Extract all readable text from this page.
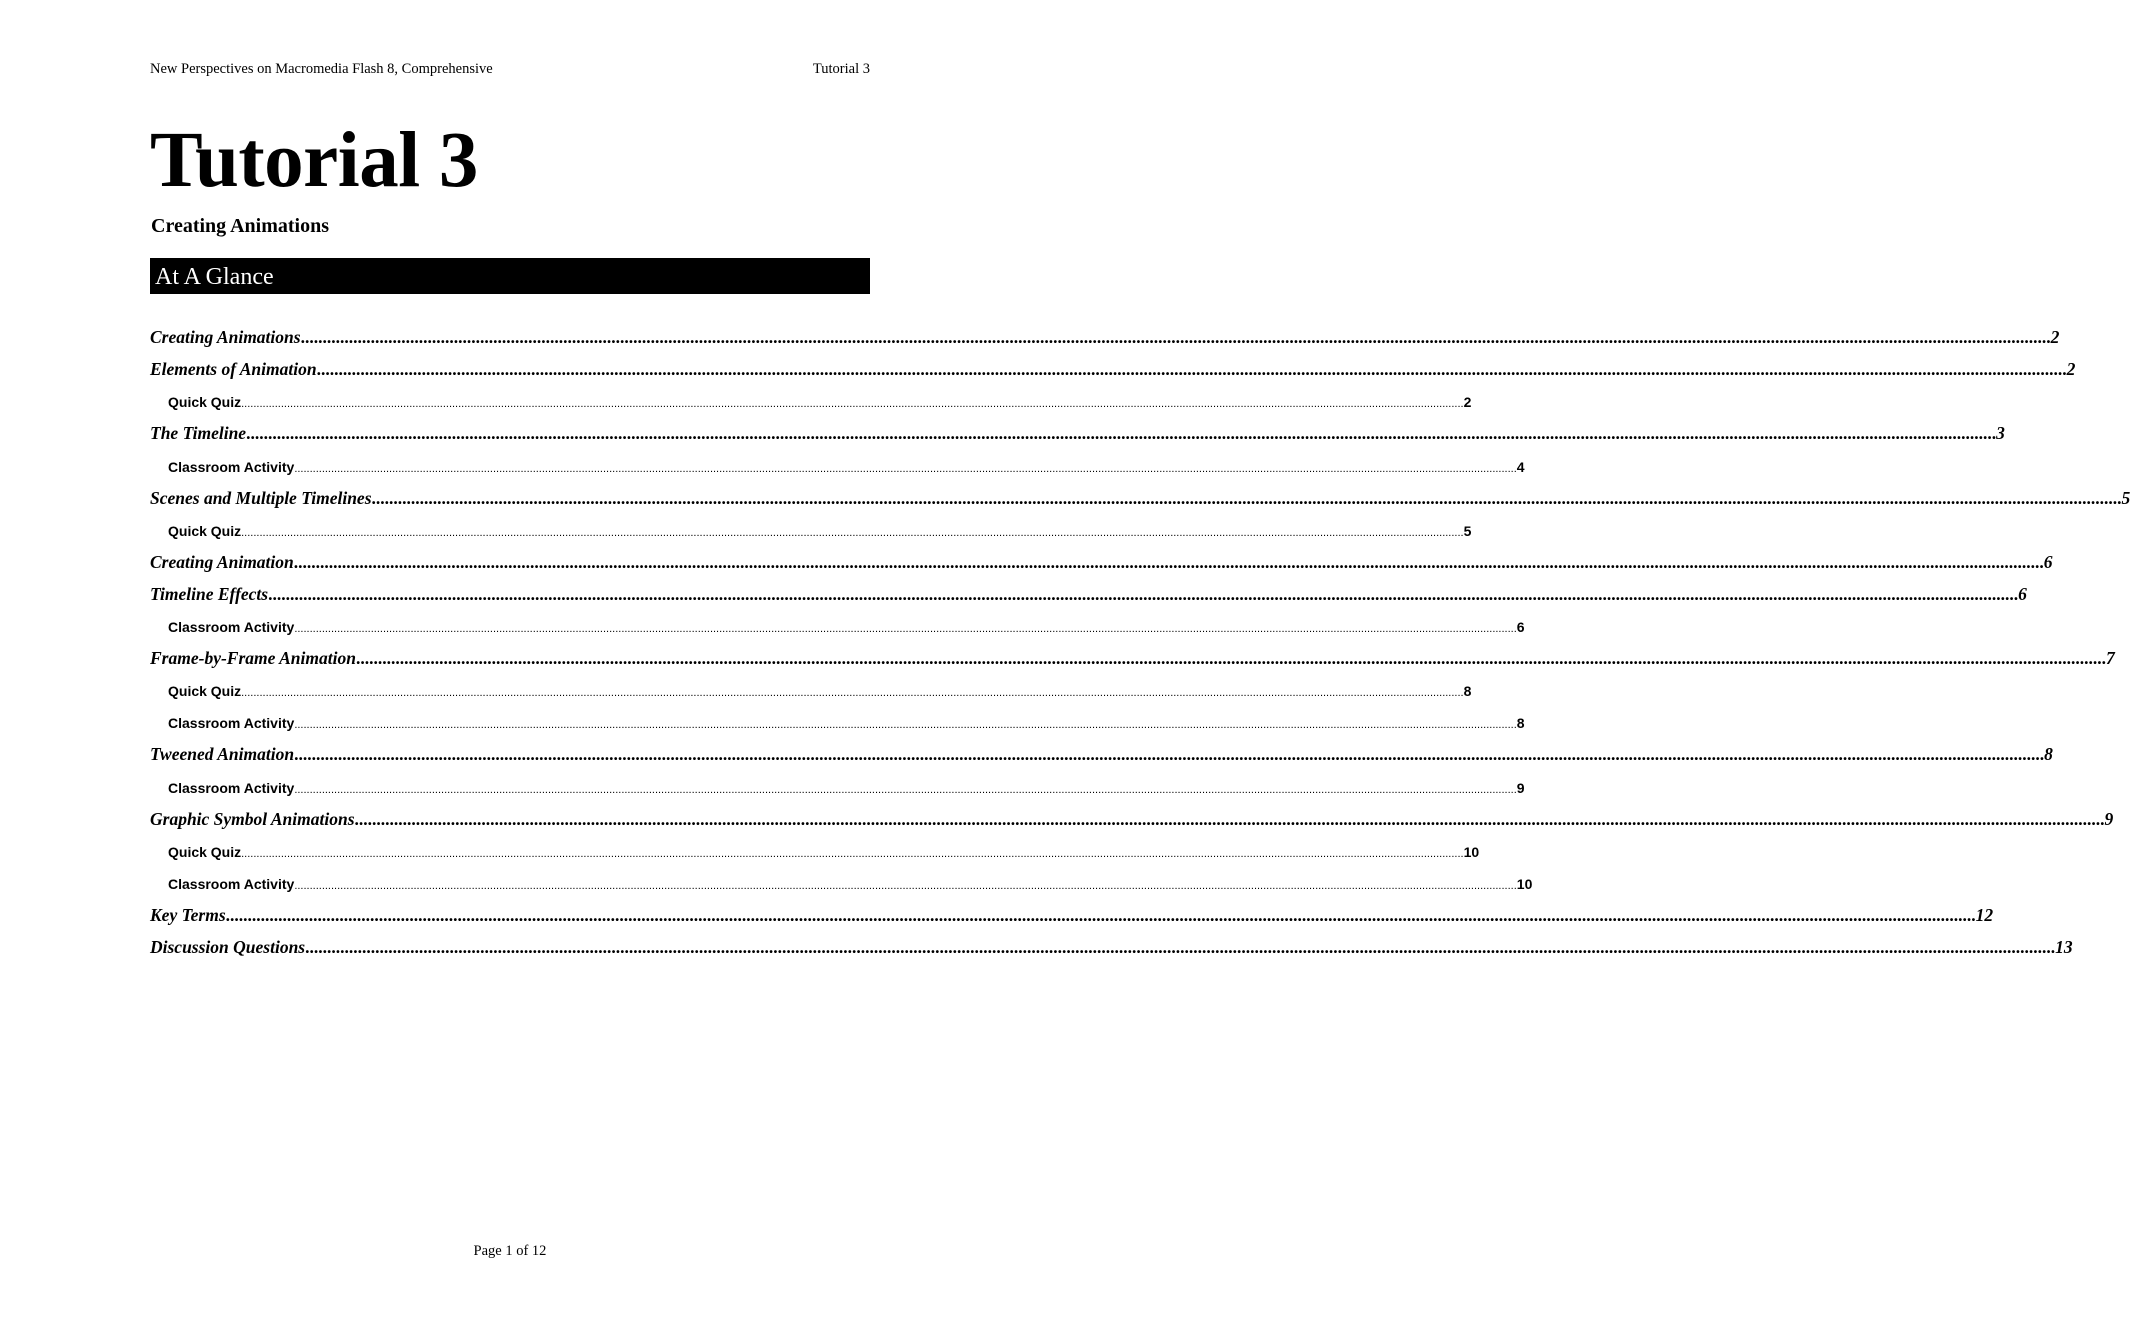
New Perspectives on Macromedia Flash 8, Comprehensive	Tutorial 3
Tutorial 3
Creating Animations
At A Glance
Creating Animations ................................................................................................................................................................................................................................................................................................................................................................................................................ 2
Elements of Animation ................................................................................................................................................................................................................................................................................................................................................................................................................ 2
Quick Quiz ................................................................................................................................................................................................................................................................................................................................................................................................................ 2
The Timeline ................................................................................................................................................................................................................................................................................................................................................................................................................ 3
Classroom Activity ................................................................................................................................................................................................................................................................................................................................................................................................................ 4
Scenes and Multiple Timelines ................................................................................................................................................................................................................................................................................................................................................................................................................ 5
Quick Quiz ................................................................................................................................................................................................................................................................................................................................................................................................................ 5
Creating Animation ................................................................................................................................................................................................................................................................................................................................................................................................................ 6
Timeline Effects ................................................................................................................................................................................................................................................................................................................................................................................................................ 6
Classroom Activity ................................................................................................................................................................................................................................................................................................................................................................................................................ 6
Frame-by-Frame Animation ................................................................................................................................................................................................................................................................................................................................................................................................................ 7
Quick Quiz ................................................................................................................................................................................................................................................................................................................................................................................................................ 8
Classroom Activity ................................................................................................................................................................................................................................................................................................................................................................................................................ 8
Tweened Animation ................................................................................................................................................................................................................................................................................................................................................................................................................ 8
Classroom Activity ................................................................................................................................................................................................................................................................................................................................................................................................................ 9
Graphic Symbol Animations ................................................................................................................................................................................................................................................................................................................................................................................................................ 9
Quick Quiz ................................................................................................................................................................................................................................................................................................................................................................................................................ 10
Classroom Activity ................................................................................................................................................................................................................................................................................................................................................................................................................ 10
Key Terms ................................................................................................................................................................................................................................................................................................................................................................................................................ 12
Discussion Questions ................................................................................................................................................................................................................................................................................................................................................................................................................ 13
Page 1 of 12
